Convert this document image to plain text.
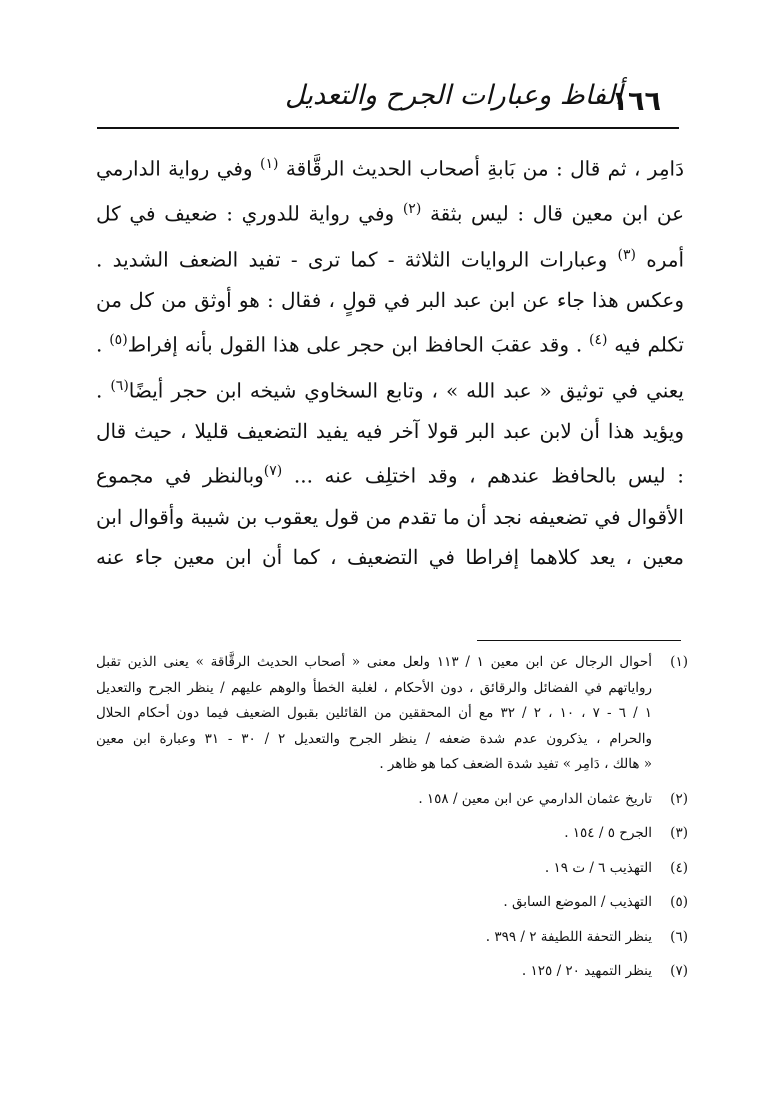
ألفاظ وعبارات الجرح والتعديل
١٦٦

دَامِر ، ثم قال : من بَابةِ أصحاب الحديث الرقَّاقة $^{(١)}$ وفي رواية الدارمي

عن ابن معين قال : ليس بثقة $^{(٢)}$ وفي رواية للدوري : ضعيف في كل

أمره $^{(٣)}$ وعبارات الروايات الثلاثة - كما ترى - تفيد الضعف الشديد .

وعكس هذا جاء عن ابن عبد البر في قولٍ ، فقال : هو أوثق من كل من

تكلم فيه $^{(٤)}$ . وقد عقبَ الحافظ ابن حجر على هذا القول بأنه إفراط$^{(٥)}$ .

يعني في توثيق « عبد الله » ، وتابع السخاوي شيخه ابن حجر أيضًا$^{(٦)}$ .

ويؤيد هذا أن لابن عبد البر قولا آخر فيه يفيد التضعيف قليلا ، حيث قال

: ليس بالحافظ عندهم ، وقد اختلِف عنه ... $^{(٧)}$وبالنظر في مجموع

الأقوال في تضعيفه نجد أن ما تقدم من قول يعقوب بن شيبة وأقوال ابن

معين ، يعد كلاهما إفراطا في التضعيف ، كما أن ابن معين جاء عنه

(١)
أحوال الرجال عن ابن معين ١ / ١١٣ ولعل معنى « أصحاب الحديث الرقَّاقة » يعنى الذين تقبل
رواياتهم في الفضائل والرقائق ، دون الأحكام ، لغلبة الخطأ والوهم عليهم / ينظر الجرح والتعديل
١ / ٦ - ٧ ، ١٠ ، ٢ / ٣٢ مع أن المحققين من القائلين بقبول الضعيف فيما دون أحكام الحلال
والحرام ، يذكرون عدم شدة ضعفه / ينظر الجرح والتعديل ٢ / ٣٠ - ٣١ وعبارة ابن معين
« هالك ، دَامِر » تفيد شدة الضعف كما هو ظاهر .
(٢)
تاريخ عثمان الدارمي عن ابن معين / ١٥٨ .
(٣)
الجرح ٥ / ١٥٤ .
(٤)
التهذيب ٦ / ت ١٩ .
(٥)
التهذيب / الموضع السابق .
(٦)
ينظر التحفة اللطيفة ٢ / ٣٩٩ .
(٧)
ينظر التمهيد ٢٠ / ١٢٥ .
